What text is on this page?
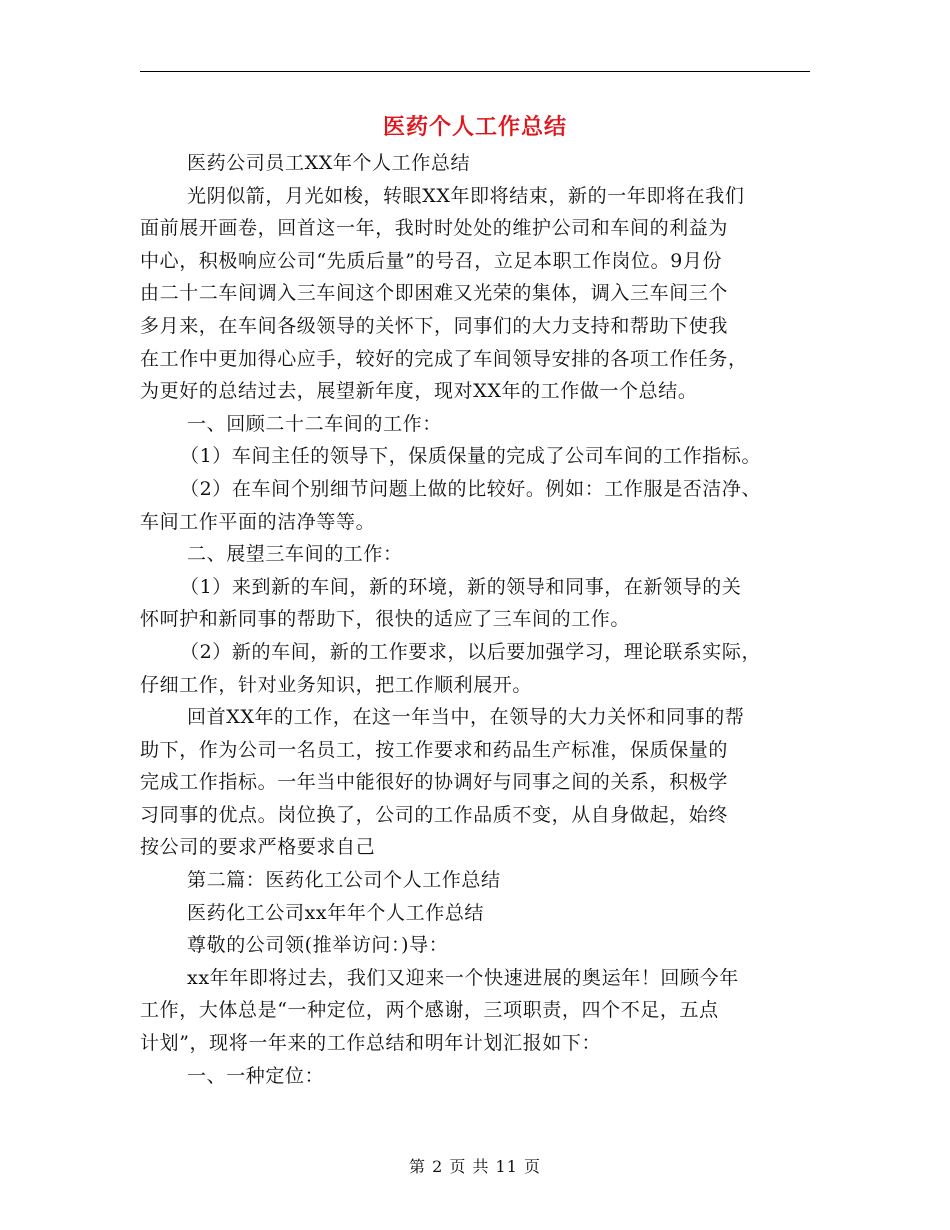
医药个人工作总结
医药公司员工XX年个人工作总结
光阴似箭，月光如梭，转眼XX年即将结束，新的一年即将在我们
面前展开画卷，回首这一年，我时时处处的维护公司和车间的利益为
中心，积极响应公司“先质后量”的号召，立足本职工作岗位。9月份
由二十二车间调入三车间这个即困难又光荣的集体，调入三车间三个
多月来，在车间各级领导的关怀下，同事们的大力支持和帮助下使我
在工作中更加得心应手，较好的完成了车间领导安排的各项工作任务，
为更好的总结过去，展望新年度，现对XX年的工作做一个总结。
一、回顾二十二车间的工作：
（1）车间主任的领导下，保质保量的完成了公司车间的工作指标。
（2）在车间个别细节问题上做的比较好。例如：工作服是否洁净、
车间工作平面的洁净等等。
二、展望三车间的工作：
（1）来到新的车间，新的环境，新的领导和同事，在新领导的关
怀呵护和新同事的帮助下，很快的适应了三车间的工作。
（2）新的车间，新的工作要求，以后要加强学习，理论联系实际，
仔细工作，针对业务知识，把工作顺利展开。
回首XX年的工作，在这一年当中，在领导的大力关怀和同事的帮
助下，作为公司一名员工，按工作要求和药品生产标准，保质保量的
完成工作指标。一年当中能很好的协调好与同事之间的关系，积极学
习同事的优点。岗位换了，公司的工作品质不变，从自身做起，始终
按公司的要求严格要求自己
第二篇：医药化工公司个人工作总结
医药化工公司xx年年个人工作总结
尊敬的公司领(推举访问：)导：
xx年年即将过去，我们又迎来一个快速进展的奥运年！回顾今年
工作，大体总是“一种定位，两个感谢，三项职责，四个不足，五点
计划”，现将一年来的工作总结和明年计划汇报如下：
一、一种定位：
第 2 页 共 11 页
